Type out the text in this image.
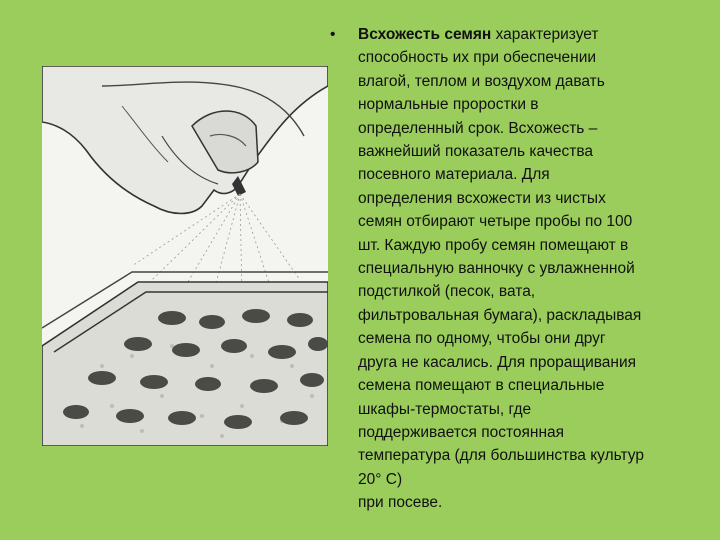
•	Всхожесть семян характеризует
способность их при обеспечении
влагой, теплом и воздухом давать
нормальные проростки в
определенный срок. Всхожесть –
важнейший показатель качества
посевного материала. Для
определения всхожести из чистых
семян отбирают четыре пробы по 100
шт. Каждую пробу семян помещают в
специальную ванночку с увлажненной
подстилкой (песок, вата,
фильтровальная бумага), раскладывая
семена по одному, чтобы они друг
друга не касались. Для проращивания
семена помещают в специальные
шкафы-термостаты, где
поддерживается постоянная
температура (для большинства культур
20° С)
при посеве.
